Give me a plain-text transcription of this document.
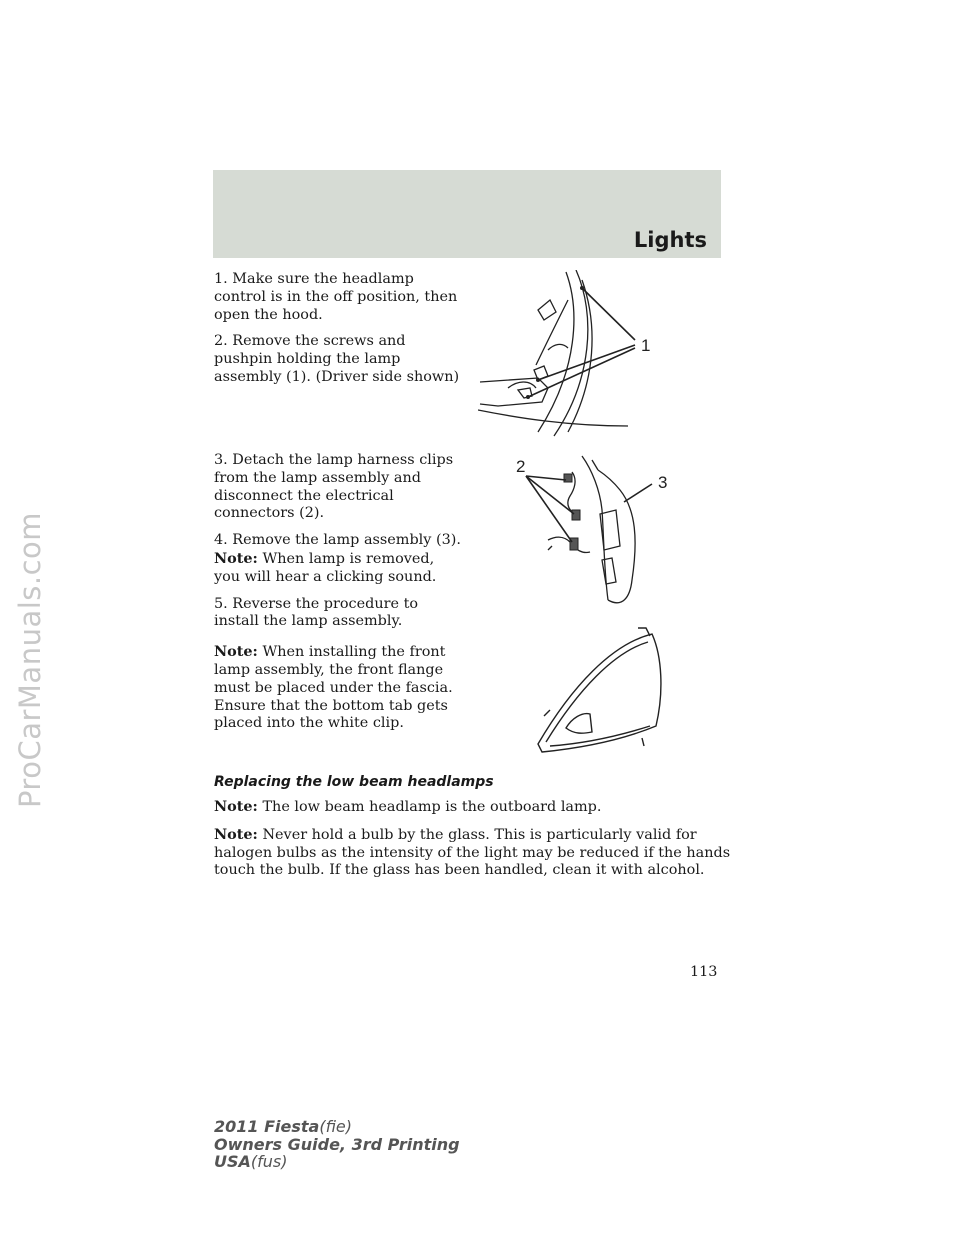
ProCarManuals.com
Lights

1. Make sure the headlamp control is in the off position, then open the hood.

2. Remove the screws and pushpin holding the lamp assembly (1). (Driver side shown)

3. Detach the lamp harness clips from the lamp assembly and disconnect the electrical connectors (2).

4. Remove the lamp assembly (3).
Note: When lamp is removed, you will hear a clicking sound.

5. Reverse the procedure to install the lamp assembly.

Note: When installing the front lamp assembly, the front flange must be placed under the fascia. Ensure that the bottom tab gets placed into the white clip.

1
2
3
Replacing the low beam headlamps

Note: The low beam headlamp is the outboard lamp.

Note: Never hold a bulb by the glass. This is particularly valid for halogen bulbs as the intensity of the light may be reduced if the hands touch the bulb. If the glass has been handled, clean it with alcohol.

113

2011 Fiesta(fie)
Owners Guide, 3rd Printing
USA(fus)
